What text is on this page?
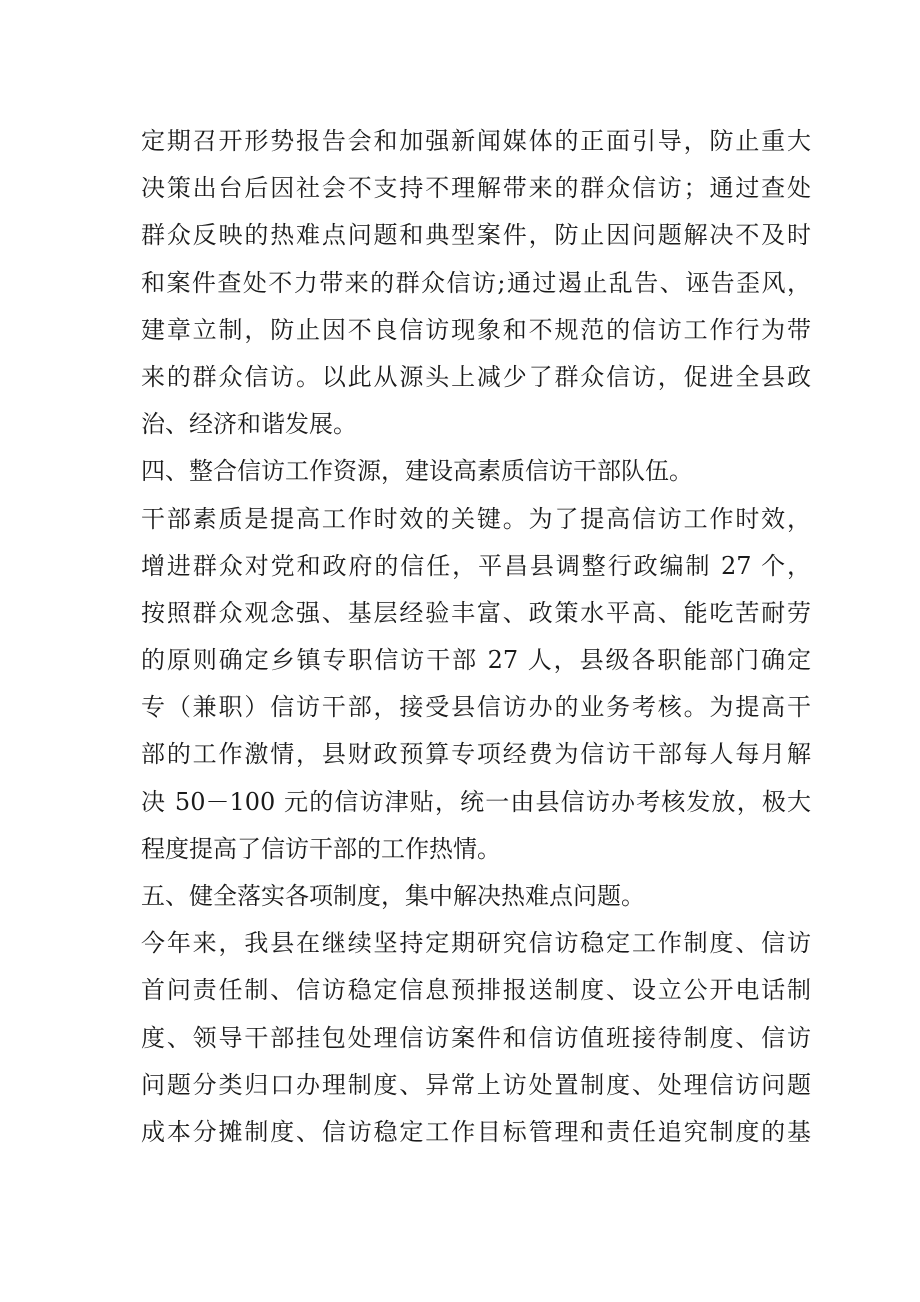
定期召开形势报告会和加强新闻媒体的正面引导，防止重大
决策出台后因社会不支持不理解带来的群众信访；通过查处
群众反映的热难点问题和典型案件，防止因问题解决不及时
和案件查处不力带来的群众信访;通过遏止乱告、诬告歪风，
建章立制，防止因不良信访现象和不规范的信访工作行为带
来的群众信访。以此从源头上减少了群众信访，促进全县政
治、经济和谐发展。
四、整合信访工作资源，建设高素质信访干部队伍。
干部素质是提高工作时效的关键。为了提高信访工作时效，
增进群众对党和政府的信任，平昌县调整行政编制 27 个，
按照群众观念强、基层经验丰富、政策水平高、能吃苦耐劳
的原则确定乡镇专职信访干部 27 人，县级各职能部门确定
专（兼职）信访干部，接受县信访办的业务考核。为提高干
部的工作激情，县财政预算专项经费为信访干部每人每月解
决 50－100 元的信访津贴，统一由县信访办考核发放，极大
程度提高了信访干部的工作热情。
五、健全落实各项制度，集中解决热难点问题。
今年来，我县在继续坚持定期研究信访稳定工作制度、信访
首问责任制、信访稳定信息预排报送制度、设立公开电话制
度、领导干部挂包处理信访案件和信访值班接待制度、信访
问题分类归口办理制度、异常上访处置制度、处理信访问题
成本分摊制度、信访稳定工作目标管理和责任追究制度的基
